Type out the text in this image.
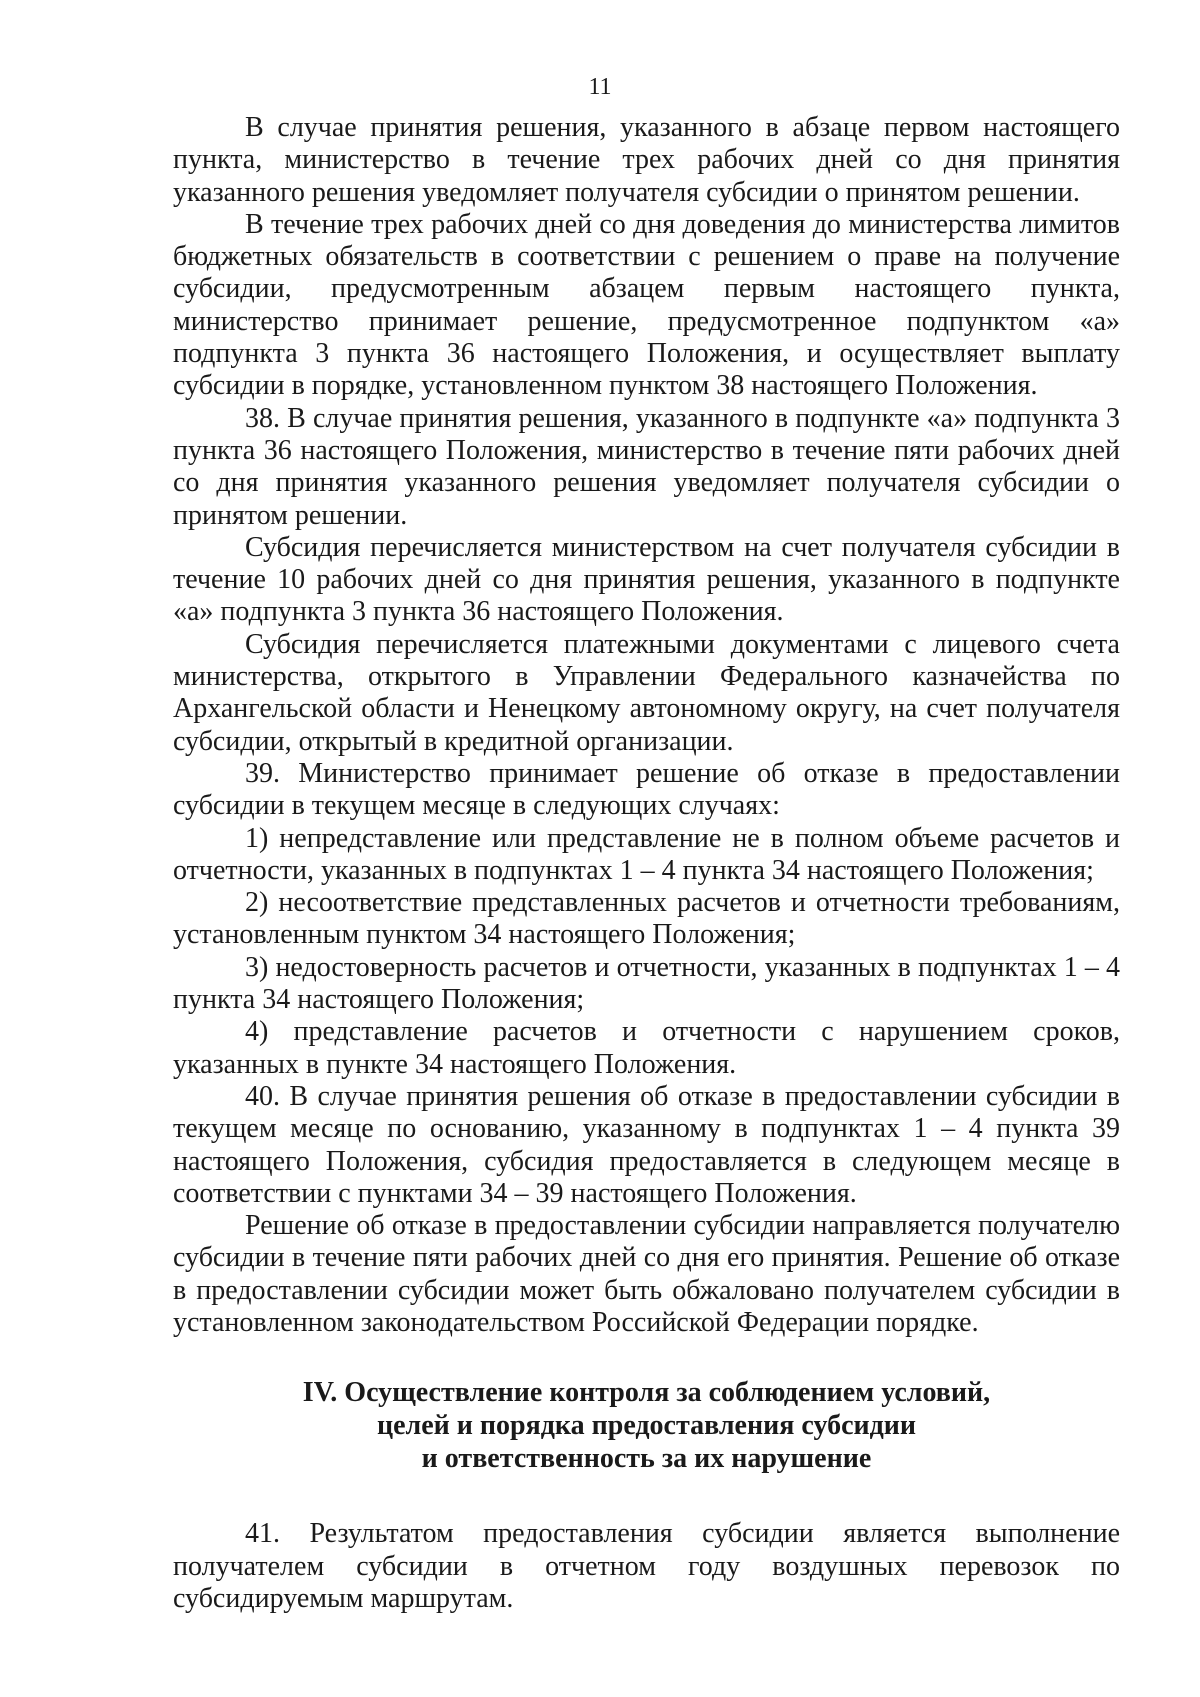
11

В случае принятия решения, указанного в абзаце первом настоящего пункта, министерство в течение трех рабочих дней со дня принятия указанного решения уведомляет получателя субсидии о принятом решении.

В течение трех рабочих дней со дня доведения до министерства лимитов бюджетных обязательств в соответствии с решением о праве на получение субсидии, предусмотренным абзацем первым настоящего пункта, министерство принимает решение, предусмотренное подпунктом «а» подпункта 3 пункта 36 настоящего Положения, и осуществляет выплату субсидии в порядке, установленном пунктом 38 настоящего Положения.

38. В случае принятия решения, указанного в подпункте «а» подпункта 3 пункта 36 настоящего Положения, министерство в течение пяти рабочих дней со дня принятия указанного решения уведомляет получателя субсидии о принятом решении.

Субсидия перечисляется министерством на счет получателя субсидии в течение 10 рабочих дней со дня принятия решения, указанного в подпункте «а» подпункта 3 пункта 36 настоящего Положения.

Субсидия перечисляется платежными документами с лицевого счета министерства, открытого в Управлении Федерального казначейства по Архангельской области и Ненецкому автономному округу, на счет получателя субсидии, открытый в кредитной организации.

39. Министерство принимает решение об отказе в предоставлении субсидии в текущем месяце в следующих случаях:

1) непредставление или представление не в полном объеме расчетов и отчетности, указанных в подпунктах 1 – 4 пункта 34 настоящего Положения;

2) несоответствие представленных расчетов и отчетности требованиям, установленным пунктом 34 настоящего Положения;

3) недостоверность расчетов и отчетности, указанных в подпунктах 1 – 4 пункта 34 настоящего Положения;

4) представление расчетов и отчетности с нарушением сроков, указанных в пункте 34 настоящего Положения.

40. В случае принятия решения об отказе в предоставлении субсидии в текущем месяце по основанию, указанному в подпунктах 1 – 4 пункта 39 настоящего Положения, субсидия предоставляется в следующем месяце в соответствии с пунктами 34 – 39 настоящего Положения.

Решение об отказе в предоставлении субсидии направляется получателю субсидии в течение пяти рабочих дней со дня его принятия. Решение об отказе в предоставлении субсидии может быть обжаловано получателем субсидии в установленном законодательством Российской Федерации порядке.

IV. Осуществление контроля за соблюдением условий,
целей и порядка предоставления субсидии
и ответственность за их нарушение

41. Результатом предоставления субсидии является выполнение получателем субсидии в отчетном году воздушных перевозок по субсидируемым маршрутам.
